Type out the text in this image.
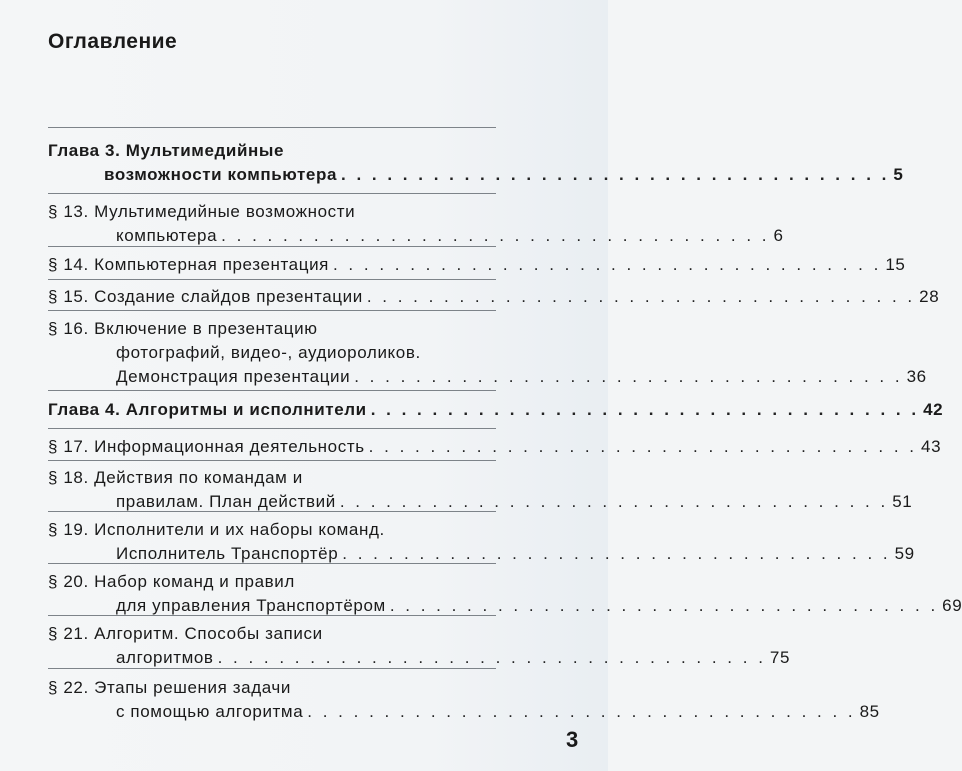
Оглавление
Глава 3. Мультимедийные
возможности компьютера . . . . . . . . . . . . . . . . . . . . . . . . . . . . . . . . . . . . 5
§ 13. Мультимедийные возможности
компьютера . . . . . . . . . . . . . . . . . . . . . . . . . . . . . . . . . . . . 6
§ 14. Компьютерная презентация . . . . . . . . . . . . . . . . . . . . . . . . . . . . . . . . . . . . 15
§ 15. Создание слайдов презентации . . . . . . . . . . . . . . . . . . . . . . . . . . . . . . . . . . . . 28
§ 16. Включение в презентацию
фотографий, видео-, аудиороликов.
Демонстрация презентации . . . . . . . . . . . . . . . . . . . . . . . . . . . . . . . . . . . . 36
Глава 4. Алгоритмы и исполнители . . . . . . . . . . . . . . . . . . . . . . . . . . . . . . . . . . . . 42
§ 17. Информационная деятельность . . . . . . . . . . . . . . . . . . . . . . . . . . . . . . . . . . . . 43
§ 18. Действия по командам и
правилам. План действий . . . . . . . . . . . . . . . . . . . . . . . . . . . . . . . . . . . . 51
§ 19. Исполнители и их наборы команд.
Исполнитель Транспортёр . . . . . . . . . . . . . . . . . . . . . . . . . . . . . . . . . . . . 59
§ 20. Набор команд и правил
для управления Транспортёром . . . . . . . . . . . . . . . . . . . . . . . . . . . . . . . . . . . . 69
§ 21. Алгоритм. Способы записи
алгоритмов . . . . . . . . . . . . . . . . . . . . . . . . . . . . . . . . . . . . 75
§ 22. Этапы решения задачи
с помощью алгоритма . . . . . . . . . . . . . . . . . . . . . . . . . . . . . . . . . . . . 85
3
